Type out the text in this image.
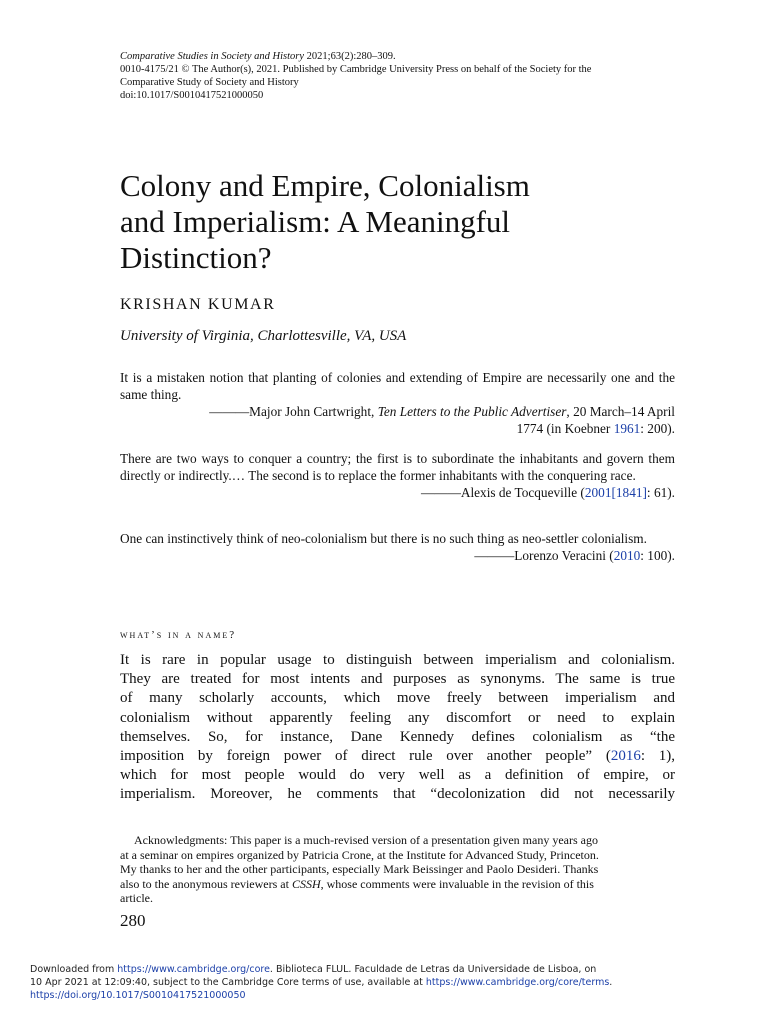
Comparative Studies in Society and History 2021;63(2):280–309.
0010-4175/21 © The Author(s), 2021. Published by Cambridge University Press on behalf of the Society for the
Comparative Study of Society and History
doi:10.1017/S0010417521000050
Colony and Empire, Colonialism
and Imperialism: A Meaningful
Distinction?
KRISHAN KUMAR
University of Virginia, Charlottesville, VA, USA

It is a mistaken notion that planting of colonies and extending of Empire are necessarily one and the same thing.

———Major John Cartwright, Ten Letters to the Public Advertiser, 20 March–14 April

1774 (in Koebner 1961: 200).

There are two ways to conquer a country; the first is to subordinate the inhabitants and govern them directly or indirectly.… The second is to replace the former inhabitants with the conquering race.

———Alexis de Tocqueville (2001[1841]: 61).

One can instinctively think of neo-colonialism but there is no such thing as neo-settler colonialism.

———Lorenzo Veracini (2010: 100).

what’s in a name?
It is rare in popular usage to distinguish between imperialism and colonialism.
They are treated for most intents and purposes as synonyms. The same is true
of many scholarly accounts, which move freely between imperialism and
colonialism without apparently feeling any discomfort or need to explain
themselves. So, for instance, Dane Kennedy defines colonialism as “the
imposition by foreign power of direct rule over another people” (2016: 1),
which for most people would do very well as a definition of empire, or
imperialism. Moreover, he comments that “decolonization did not necessarily
Acknowledgments: This paper is a much-revised version of a presentation given many years ago
at a seminar on empires organized by Patricia Crone, at the Institute for Advanced Study, Princeton.
My thanks to her and the other participants, especially Mark Beissinger and Paolo Desideri. Thanks
also to the anonymous reviewers at CSSH, whose comments were invaluable in the revision of this
article.
280
Downloaded from https://www.cambridge.org/core. Biblioteca FLUL. Faculdade de Letras da Universidade de Lisboa, on
10 Apr 2021 at 12:09:40, subject to the Cambridge Core terms of use, available at https://www.cambridge.org/core/terms.
https://doi.org/10.1017/S0010417521000050
